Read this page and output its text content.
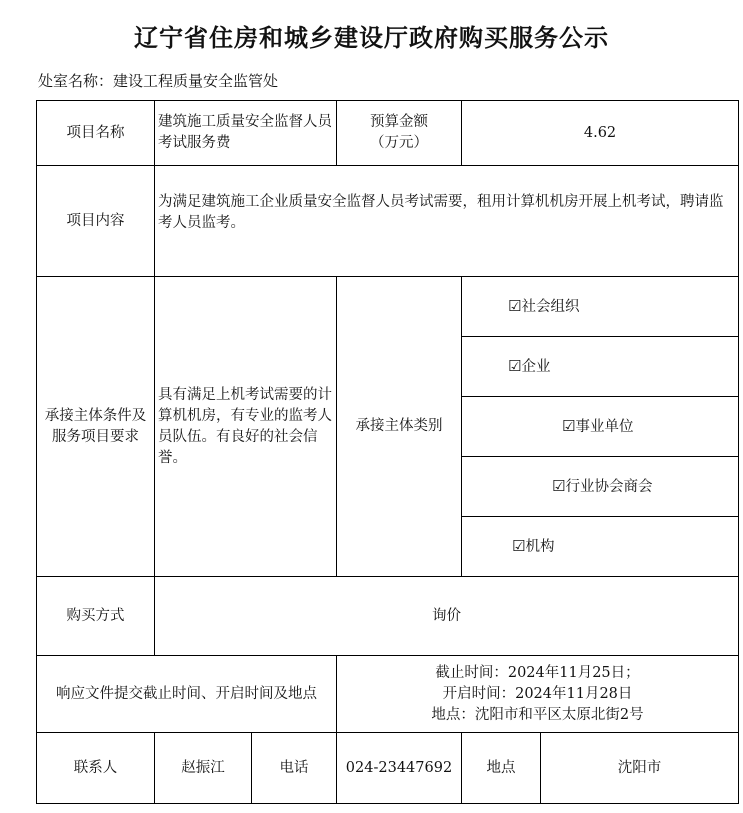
辽宁省住房和城乡建设厅政府购买服务公示
处室名称：建设工程质量安全监管处
项目名称	建筑施工质量安全监督人员考试服务费		预算金额（万元）	4.62	
项目内容	为满足建筑施工企业质量安全监督人员考试需要，租用计算机机房开展上机考试，聘请监考人员监考。				
承接主体条件及服务项目要求	具有满足上机考试需要的计算机机房，有专业的监考人员队伍。有良好的社会信誉。		承接主体类别	☑社会组织	
				☑企业	
				☑事业单位	
				☑行业协会商会	
				☑机构	
购买方式	询价				
响应文件提交截止时间、开启时间及地点			截止时间：2024年11月25日；
开启时间：2024年11月28日
地点：沈阳市和平区太原北街2号		

联系人	赵振江	电话	024-23447692	地点	沈阳市
